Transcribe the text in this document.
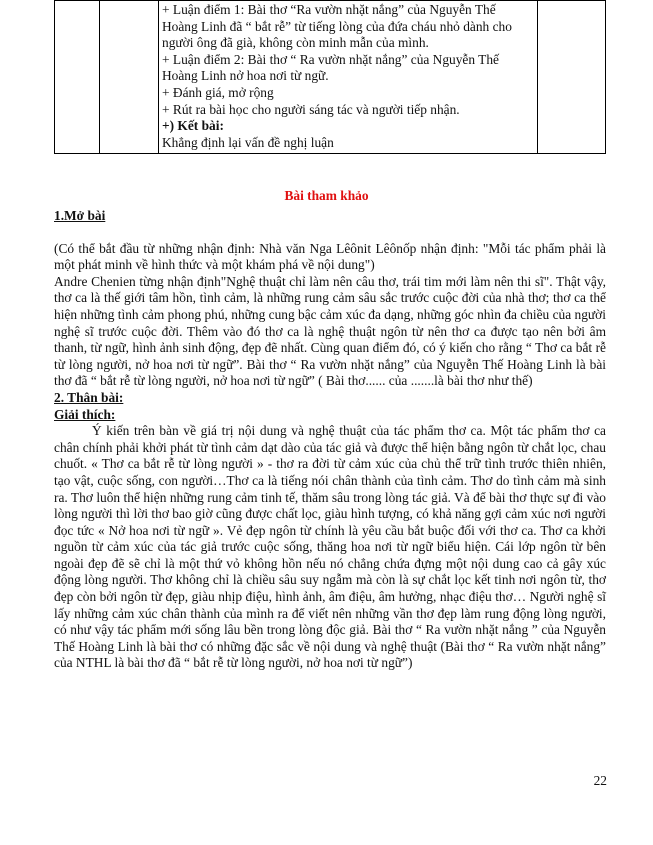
+ Luận điểm 1: Bài thơ “Ra vườn nhặt nắng” của Nguyễn Thế Hoàng Linh đã “ bắt rễ” từ tiếng lòng của đứa cháu nhỏ dành cho người ông đã già, không còn minh mẫn của mình.
+ Luận điểm 2: Bài thơ “ Ra vườn nhặt nắng” của Nguyễn Thế Hoàng Linh nở hoa nơi từ ngữ.
+ Đánh giá, mở rộng
+ Rút ra bài học cho người sáng tác và người tiếp nhận.
+) Kết bài:
Khẳng định lại vấn đề nghị luận

Bài tham khảo
1.Mở bài
(Có thể bắt đầu từ những nhận định: Nhà văn Nga Lêônit Lêônốp nhận định: "Mỗi tác phẩm phải là một phát minh về hình thức và một khám phá về nội dung")
Andre Chenien từng nhận định"Nghệ thuật chỉ làm nên câu thơ, trái tim mới làm nên thi sĩ". Thật vậy, thơ ca là thế giới tâm hồn, tình cảm, là những rung cảm sâu sắc trước cuộc đời của nhà thơ; thơ ca thể hiện những tình cảm phong phú, những cung bậc cảm xúc đa dạng, những góc nhìn đa chiều của người nghệ sĩ trước cuộc đời. Thêm vào đó thơ ca là nghệ thuật ngôn từ nên thơ ca được tạo nên bởi âm thanh, từ ngữ, hình ảnh sinh động, đẹp đẽ nhất. Cùng quan điểm đó, có ý kiến cho rằng “ Thơ ca bắt rễ từ lòng người, nở hoa nơi từ ngữ”. Bài thơ “ Ra vườn nhặt nắng” của Nguyễn Thế Hoàng Linh là bài thơ đã “ bắt rễ từ lòng người, nở hoa nơi từ ngữ” ( Bài thơ...... của .......là bài thơ như thế)
2. Thân bài:
Giải thích:
Ý kiến trên bàn về giá trị nội dung và nghệ thuật của tác phẩm thơ ca. Một tác phẩm thơ ca chân chính phải khởi phát từ tình cảm dạt dào của tác giả và được thể hiện bằng ngôn từ chắt lọc, chau chuốt. « Thơ ca bắt rễ từ lòng người » - thơ ra đời từ cảm xúc của chủ thể trữ tình trước thiên nhiên, tạo vật, cuộc sống, con người…Thơ ca là tiếng nói chân thành của tình cảm. Thơ do tình cảm mà sinh ra. Thơ luôn thể hiện những rung cảm tinh tế, thăm sâu trong lòng tác giả. Và để bài thơ thực sự đi vào lòng người thì lời thơ bao giờ cũng được chất lọc, giàu hình tượng, có khả năng gợi cảm xúc nơi người đọc tức « Nở hoa nơi từ ngữ ». Vẻ đẹp ngôn từ chính là yêu cầu bắt buộc đối với thơ ca. Thơ ca khởi nguồn từ cảm xúc của tác giả trước cuộc sống, thăng hoa nơi từ ngữ biểu hiện. Cái lớp ngôn từ bên ngoài đẹp đẽ sẽ chỉ là một thứ vỏ không hồn nếu nó chẳng chứa đựng một nội dung cao cả gây xúc động lòng người. Thơ không chỉ là chiều sâu suy ngẫm mà còn là sự chắt lọc kết tinh nơi ngôn từ, thơ đẹp còn bởi ngôn từ đẹp, giàu nhịp điệu, hình ảnh, âm điệu, âm hưởng, nhạc điệu thơ… Người nghệ sĩ lấy những cảm xúc chân thành của mình ra để viết nên những vần thơ đẹp làm rung động lòng người, có như vậy tác phẩm mới sống lâu bền trong lòng độc giả. Bài thơ “ Ra vườn nhặt nắng ” của Nguyễn Thế Hoàng Linh là bài thơ có những đặc sắc về nội dung và nghệ thuật (Bài thơ “ Ra vườn nhặt nắng” của NTHL là bài thơ đã “ bắt rễ từ lòng người, nở hoa nơi từ ngữ”)
22
